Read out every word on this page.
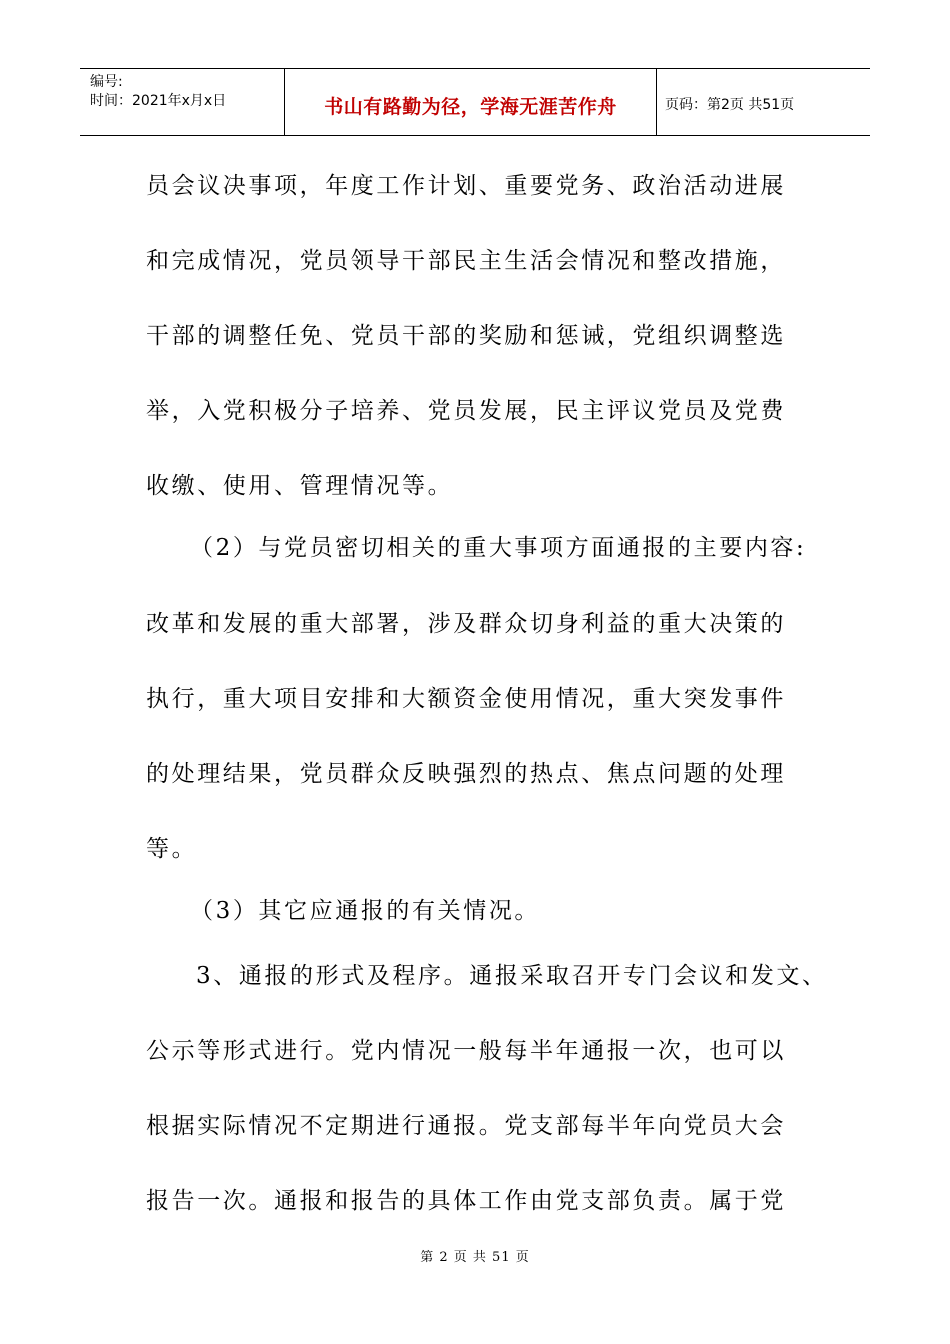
编号:
时间：2021年x月x日	书山有路勤为径，学海无涯苦作舟	页码：第2页 共51页

员会议决事项，年度工作计划、重要党务、政治活动进展

和完成情况，党员领导干部民主生活会情况和整改措施，

干部的调整任免、党员干部的奖励和惩诫，党组织调整选

举，入党积极分子培养、党员发展，民主评议党员及党费

收缴、使用、管理情况等。

（2）与党员密切相关的重大事项方面通报的主要内容:

改革和发展的重大部署，涉及群众切身利益的重大决策的

执行，重大项目安排和大额资金使用情况，重大突发事件

的处理结果，党员群众反映强烈的热点、焦点问题的处理

等。

（3）其它应通报的有关情况。

3、通报的形式及程序。通报采取召开专门会议和发文、

公示等形式进行。党内情况一般每半年通报一次，也可以

根据实际情况不定期进行通报。党支部每半年向党员大会

报告一次。通报和报告的具体工作由党支部负责。属于党

第 2 页 共 51 页
